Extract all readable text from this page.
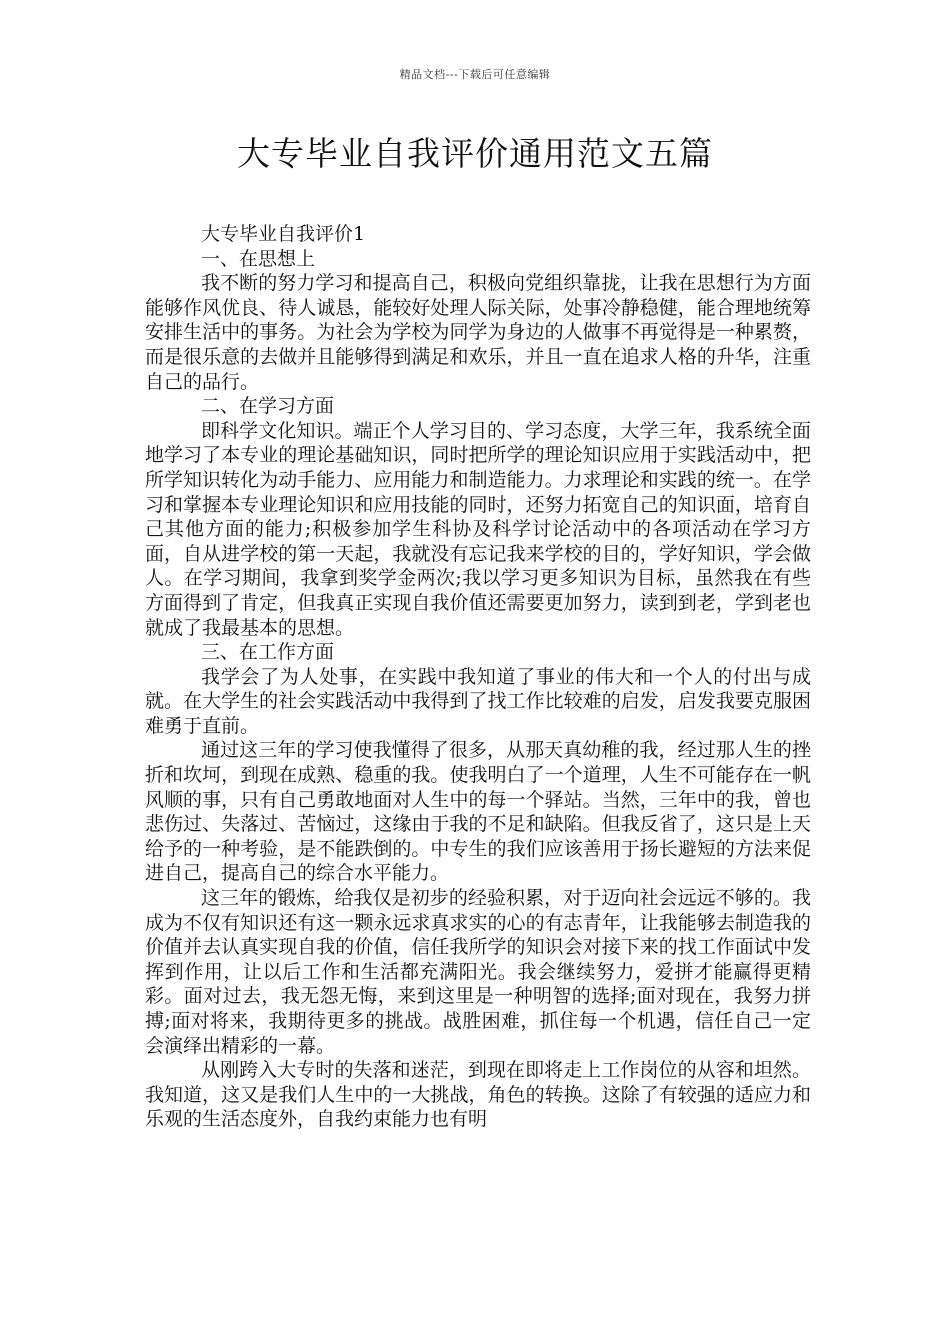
精品文档---下载后可任意编辑
大专毕业自我评价通用范文五篇

大专毕业自我评价1

一、在思想上

我不断的努力学习和提高自己，积极向党组织靠拢，让我在思想行为方面能够作风优良、待人诚恳，能较好处理人际关际，处事冷静稳健，能合理地统筹安排生活中的事务。为社会为学校为同学为身边的人做事不再觉得是一种累赘，而是很乐意的去做并且能够得到满足和欢乐，并且一直在追求人格的升华，注重自己的品行。

二、在学习方面

即科学文化知识。端正个人学习目的、学习态度，大学三年，我系统全面地学习了本专业的理论基础知识，同时把所学的理论知识应用于实践活动中，把所学知识转化为动手能力、应用能力和制造能力。力求理论和实践的统一。在学习和掌握本专业理论知识和应用技能的同时，还努力拓宽自己的知识面，培育自己其他方面的能力;积极参加学生科协及科学讨论活动中的各项活动在学习方面，自从进学校的第一天起，我就没有忘记我来学校的目的，学好知识，学会做人。在学习期间，我拿到奖学金两次;我以学习更多知识为目标，虽然我在有些方面得到了肯定，但我真正实现自我价值还需要更加努力，读到到老，学到老也就成了我最基本的思想。

三、在工作方面

我学会了为人处事，在实践中我知道了事业的伟大和一个人的付出与成就。在大学生的社会实践活动中我得到了找工作比较难的启发，启发我要克服困难勇于直前。

通过这三年的学习使我懂得了很多，从那天真幼稚的我，经过那人生的挫折和坎坷，到现在成熟、稳重的我。使我明白了一个道理，人生不可能存在一帆风顺的事，只有自己勇敢地面对人生中的每一个驿站。当然，三年中的我，曾也悲伤过、失落过、苦恼过，这缘由于我的不足和缺陷。但我反省了，这只是上天给予的一种考验，是不能跌倒的。中专生的我们应该善用于扬长避短的方法来促进自己，提高自己的综合水平能力。

这三年的锻炼，给我仅是初步的经验积累，对于迈向社会远远不够的。我成为不仅有知识还有这一颗永远求真求实的心的有志青年，让我能够去制造我的价值并去认真实现自我的价值，信任我所学的知识会对接下来的找工作面试中发挥到作用，让以后工作和生活都充满阳光。我会继续努力，爱拼才能赢得更精彩。面对过去，我无怨无悔，来到这里是一种明智的选择;面对现在，我努力拼搏;面对将来，我期待更多的挑战。战胜困难，抓住每一个机遇，信任自己一定会演绎出精彩的一幕。

从刚跨入大专时的失落和迷茫，到现在即将走上工作岗位的从容和坦然。我知道，这又是我们人生中的一大挑战，角色的转换。这除了有较强的适应力和乐观的生活态度外，自我约束能力也有明
